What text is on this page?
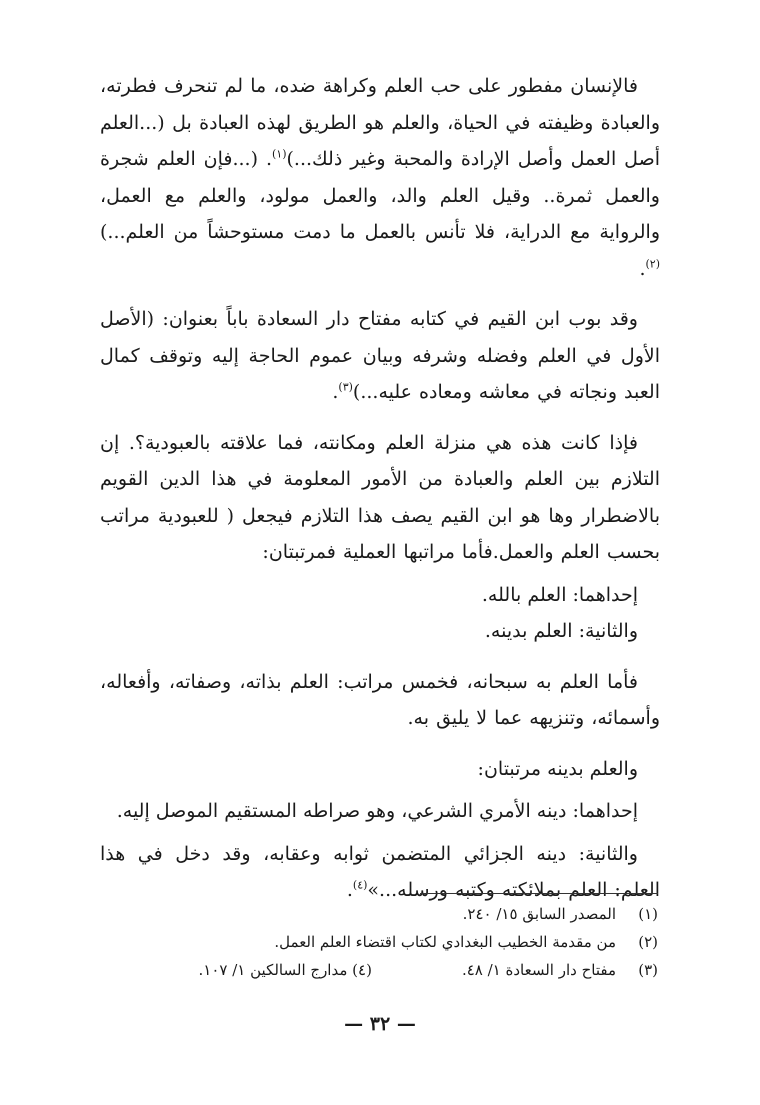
فالإنسان مفطور على حب العلم وكراهة ضده، ما لم تنحرف فطرته، والعبادة وظيفته في الحياة، والعلم هو الطريق لهذه العبادة بل (...العلم أصل العمل وأصل الإرادة والمحبة وغير ذلك...)$^{(١)}$. (...فإن العلم شجرة والعمل ثمرة.. وقيل العلم والد، والعمل مولود، والعلم مع العمل، والرواية مع الدراية، فلا تأنس بالعمل ما دمت مستوحشاً من العلم...)$^{(٢)}$.

وقد بوب ابن القيم في كتابه مفتاح دار السعادة باباً بعنوان: (الأصل الأول في العلم وفضله وشرفه وبيان عموم الحاجة إليه وتوقف كمال العبد ونجاته في معاشه ومعاده عليه...)$^{(٣)}$.

فإذا كانت هذه هي منزلة العلم ومكانته، فما علاقته بالعبودية؟. إن التلازم بين العلم والعبادة من الأمور المعلومة في هذا الدين القويم بالاضطرار وها هو ابن القيم يصف هذا التلازم فيجعل ( للعبودية مراتب بحسب العلم والعمل.فأما مراتبها العملية فمرتبتان:

إحداهما: العلم بالله.

والثانية: العلم بدينه.

فأما العلم به سبحانه، فخمس مراتب: العلم بذاته، وصفاته، وأفعاله، وأسمائه، وتنزيهه عما لا يليق به.

والعلم بدينه مرتبتان:

إحداهما: دينه الأمري الشرعي، وهو صراطه المستقيم الموصل إليه.

والثانية: دينه الجزائي المتضمن ثوابه وعقابه، وقد دخل في هذا العلم: العلم بملائكته وكتبه ورسله...»$^{(٤)}$.

(١)
المصدر السابق ١٥/ ٢٤٠.
(٢)
من مقدمة الخطيب البغدادي لكتاب اقتضاء العلم العمل.
(٣)
مفتاح دار السعادة ١/ ٤٨.
(٤) مدارج السالكين ١/ ١٠٧.
— ٣٢ —
